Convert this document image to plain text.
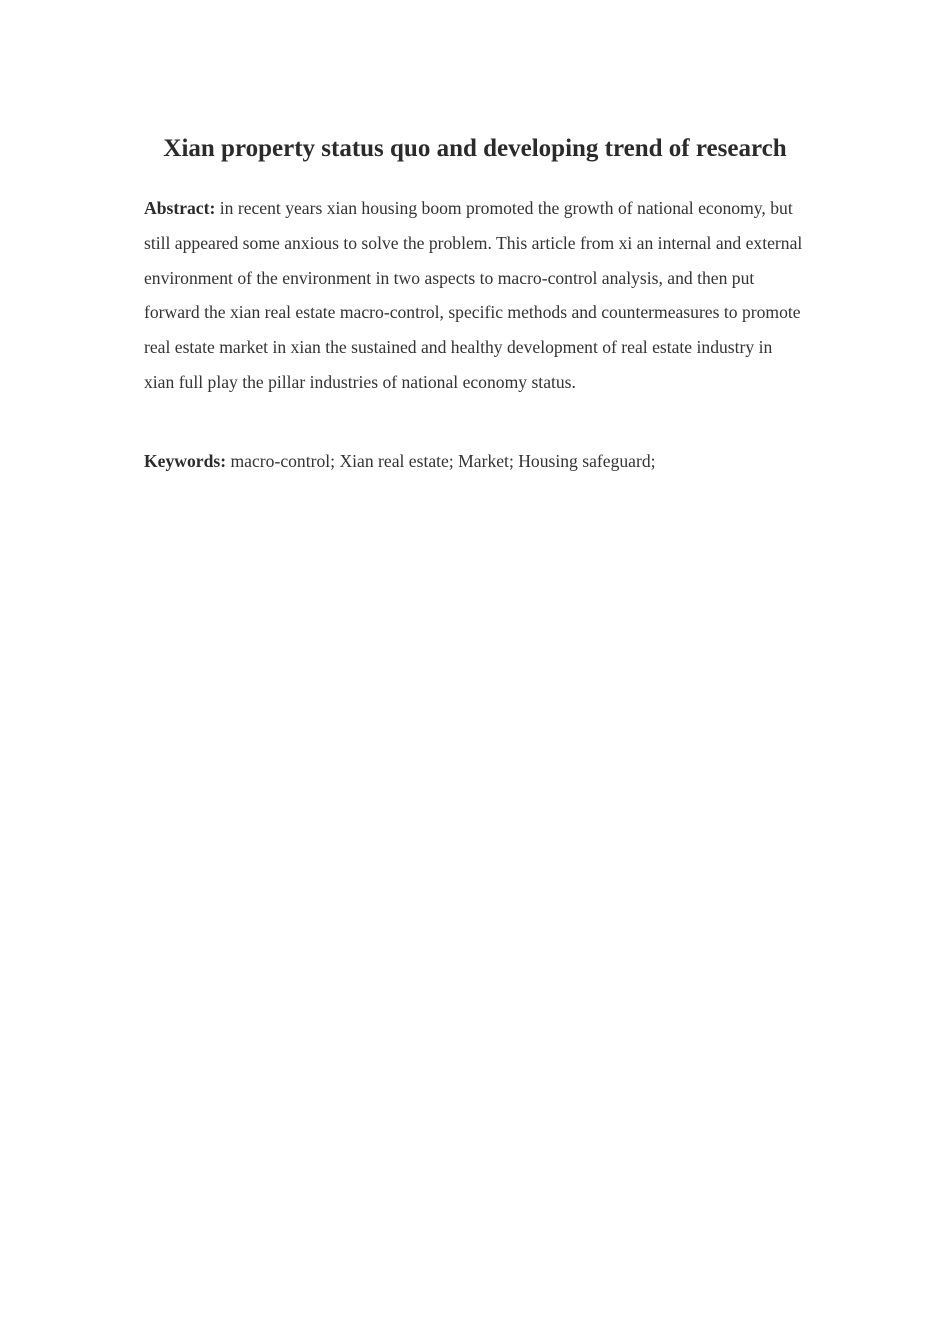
Xian property status quo and developing trend of research

Abstract: in recent years xian housing boom promoted the growth of national economy, but still appeared some anxious to solve the problem. This article from xi an internal and external environment of the environment in two aspects to macro-control analysis, and then put forward the xian real estate macro-control, specific methods and countermeasures to promote real estate market in xian the sustained and healthy development of real estate industry in xian full play the pillar industries of national economy status.

Keywords: macro-control; Xian real estate; Market; Housing safeguard;
